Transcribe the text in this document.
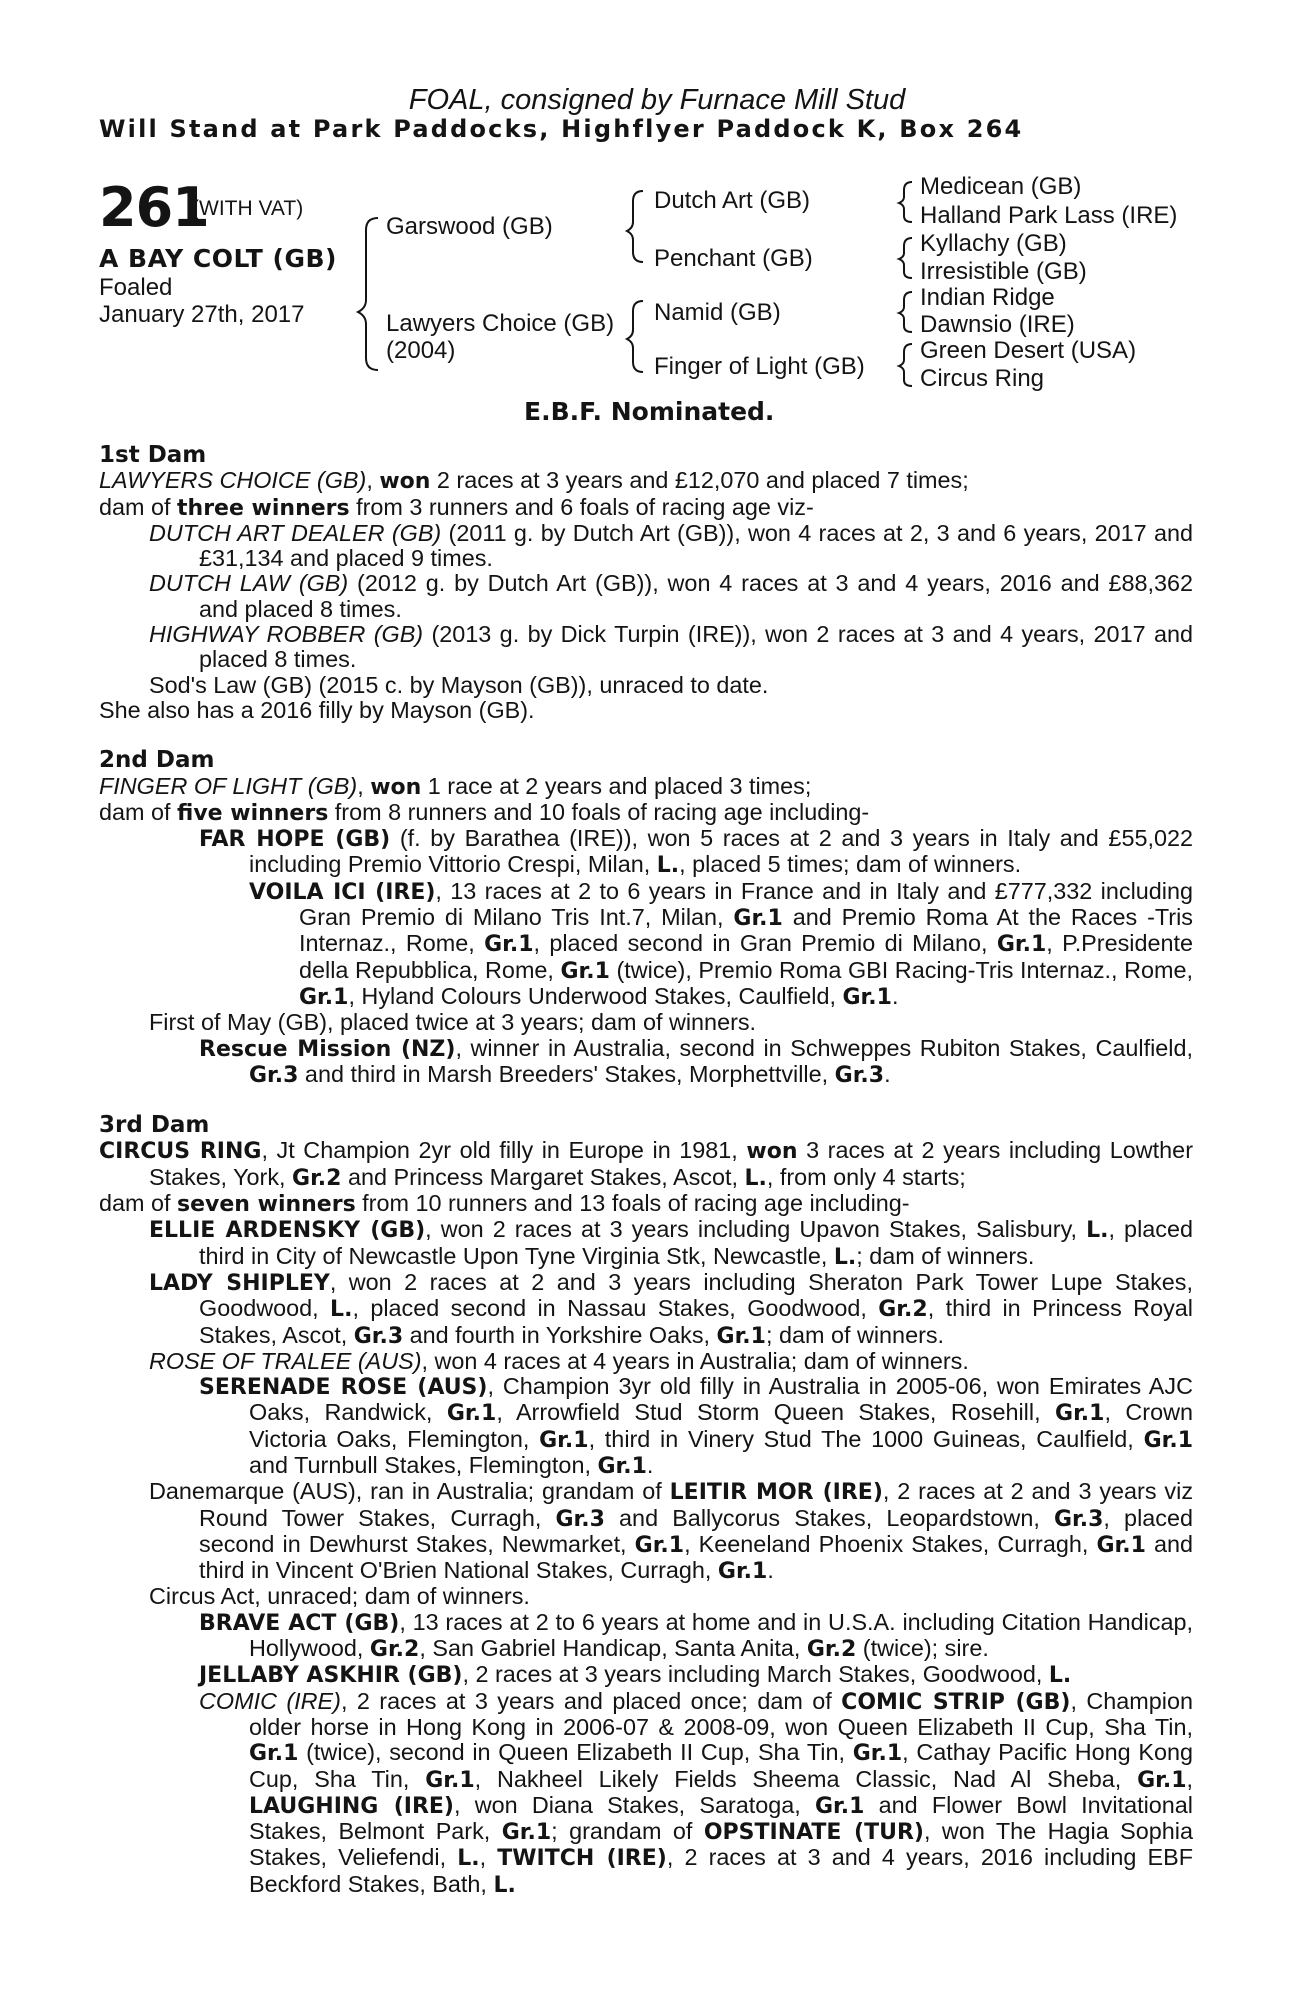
FOAL, consigned by Furnace Mill Stud
Will Stand at Park Paddocks, Highflyer Paddock K, Box 264
261
(WITH VAT)
A BAY COLT (GB)
Foaled
January 27th, 2017
Garswood (GB)
Lawyers Choice (GB)
(2004)
Dutch Art (GB)
Penchant (GB)
Namid (GB)
Finger of Light (GB)
Medicean (GB)
Halland Park Lass (IRE)
Kyllachy (GB)
Irresistible (GB)
Indian Ridge
Dawnsio (IRE)
Green Desert (USA)
Circus Ring
E.B.F. Nominated.

1st Dam

LAWYERS CHOICE (GB), won 2 races at 3 years and £12,070 and placed 7 times;

dam of three winners from 3 runners and 6 foals of racing age viz-

DUTCH ART DEALER (GB) (2011 g. by Dutch Art (GB)), won 4 races at 2, 3 and 6 years, 2017 and £31,134 and placed 9 times.

DUTCH LAW (GB) (2012 g. by Dutch Art (GB)), won 4 races at 3 and 4 years, 2016 and £88,362 and placed 8 times.

HIGHWAY ROBBER (GB) (2013 g. by Dick Turpin (IRE)), won 2 races at 3 and 4 years, 2017 and placed 8 times.

Sod's Law (GB) (2015 c. by Mayson (GB)), unraced to date.

She also has a 2016 filly by Mayson (GB).

2nd Dam

FINGER OF LIGHT (GB), won 1 race at 2 years and placed 3 times;

dam of five winners from 8 runners and 10 foals of racing age including-

FAR HOPE (GB) (f. by Barathea (IRE)), won 5 races at 2 and 3 years in Italy and £55,022 including Premio Vittorio Crespi, Milan, L., placed 5 times; dam of winners.

VOILA ICI (IRE), 13 races at 2 to 6 years in France and in Italy and £777,332 including Gran Premio di Milano Tris Int.7, Milan, Gr.1 and Premio Roma At the Races -Tris Internaz., Rome, Gr.1, placed second in Gran Premio di Milano, Gr.1, P.Presidente della Repubblica, Rome, Gr.1 (twice), Premio Roma GBI Racing-Tris Internaz., Rome, Gr.1, Hyland Colours Underwood Stakes, Caulfield, Gr.1.

First of May (GB), placed twice at 3 years; dam of winners.

Rescue Mission (NZ), winner in Australia, second in Schweppes Rubiton Stakes, Caulfield, Gr.3 and third in Marsh Breeders' Stakes, Morphettville, Gr.3.

3rd Dam

CIRCUS RING, Jt Champion 2yr old filly in Europe in 1981, won 3 races at 2 years including Lowther Stakes, York, Gr.2 and Princess Margaret Stakes, Ascot, L., from only 4 starts;

dam of seven winners from 10 runners and 13 foals of racing age including-

ELLIE ARDENSKY (GB), won 2 races at 3 years including Upavon Stakes, Salisbury, L., placed third in City of Newcastle Upon Tyne Virginia Stk, Newcastle, L.; dam of winners.

LADY SHIPLEY, won 2 races at 2 and 3 years including Sheraton Park Tower Lupe Stakes, Goodwood, L., placed second in Nassau Stakes, Goodwood, Gr.2, third in Princess Royal Stakes, Ascot, Gr.3 and fourth in Yorkshire Oaks, Gr.1; dam of winners.

ROSE OF TRALEE (AUS), won 4 races at 4 years in Australia; dam of winners.

SERENADE ROSE (AUS), Champion 3yr old filly in Australia in 2005-06, won Emirates AJC Oaks, Randwick, Gr.1, Arrowfield Stud Storm Queen Stakes, Rosehill, Gr.1, Crown Victoria Oaks, Flemington, Gr.1, third in Vinery Stud The 1000 Guineas, Caulfield, Gr.1 and Turnbull Stakes, Flemington, Gr.1.

Danemarque (AUS), ran in Australia; grandam of LEITIR MOR (IRE), 2 races at 2 and 3 years viz Round Tower Stakes, Curragh, Gr.3 and Ballycorus Stakes, Leopardstown, Gr.3, placed second in Dewhurst Stakes, Newmarket, Gr.1, Keeneland Phoenix Stakes, Curragh, Gr.1 and third in Vincent O'Brien National Stakes, Curragh, Gr.1.

Circus Act, unraced; dam of winners.

BRAVE ACT (GB), 13 races at 2 to 6 years at home and in U.S.A. including Citation Handicap, Hollywood, Gr.2, San Gabriel Handicap, Santa Anita, Gr.2 (twice); sire.

JELLABY ASKHIR (GB), 2 races at 3 years including March Stakes, Goodwood, L.

COMIC (IRE), 2 races at 3 years and placed once; dam of COMIC STRIP (GB), Champion older horse in Hong Kong in 2006-07 & 2008-09, won Queen Elizabeth II Cup, Sha Tin, Gr.1 (twice), second in Queen Elizabeth II Cup, Sha Tin, Gr.1, Cathay Pacific Hong Kong Cup, Sha Tin, Gr.1, Nakheel Likely Fields Sheema Classic, Nad Al Sheba, Gr.1, LAUGHING (IRE), won Diana Stakes, Saratoga, Gr.1 and Flower Bowl Invitational Stakes, Belmont Park, Gr.1; grandam of OPSTINATE (TUR), won The Hagia Sophia Stakes, Veliefendi, L., TWITCH (IRE), 2 races at 3 and 4 years, 2016 including EBF Beckford Stakes, Bath, L.
